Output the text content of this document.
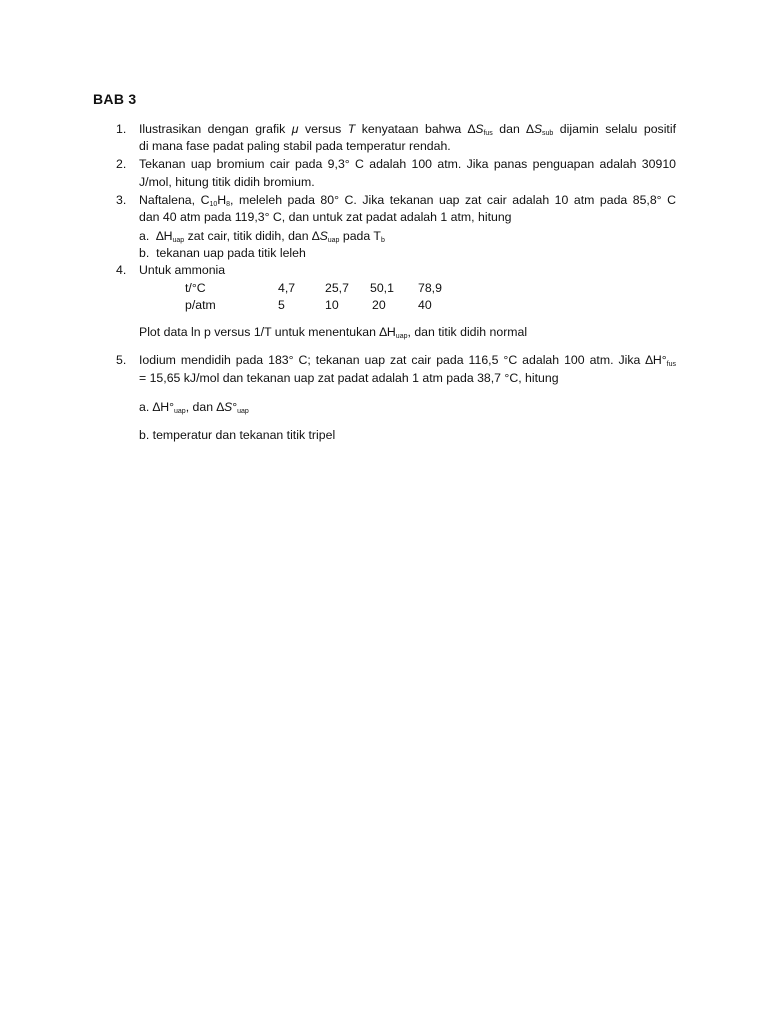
BAB 3
1. Ilustrasikan dengan grafik μ versus T kenyataan bahwa $\Delta S_{fus}$ dan $\Delta S_{sub}$ dijamin selalu positif
di mana fase padat paling stabil pada temperatur rendah.
2. Tekanan uap bromium cair pada 9,3° C adalah 100 atm. Jika panas penguapan adalah 30910
J/mol, hitung titik didih bromium.
3. Naftalena, $C_{10}H_8$, meleleh pada 80° C. Jika tekanan uap zat cair adalah 10 atm pada 85,8° C
dan 40 atm pada 119,3° C, dan untuk zat padat adalah 1 atm, hitung
a. $\Delta H_{uap}$ zat cair, titik didih, dan $\Delta S_{uap}$ pada $T_b$
b. tekanan uap pada titik leleh
4. Untuk ammonia
t/°C	4,7 25,7 50,1 78,9
p/atm	5	10	20	40
Plot data ln p versus 1/T untuk menentukan $\Delta H_{uap}$, dan titik didih normal
5. Iodium mendidih pada 183° C; tekanan uap zat cair pada 116,5 °C adalah 100 atm. Jika $\Delta H^\circ_{fus}$
= 15,65 kJ/mol dan tekanan uap zat padat adalah 1 atm pada 38,7 °C, hitung
a. $\Delta H^\circ_{uap}$, dan $\Delta S^\circ_{uap}$
b. temperatur dan tekanan titik tripel
